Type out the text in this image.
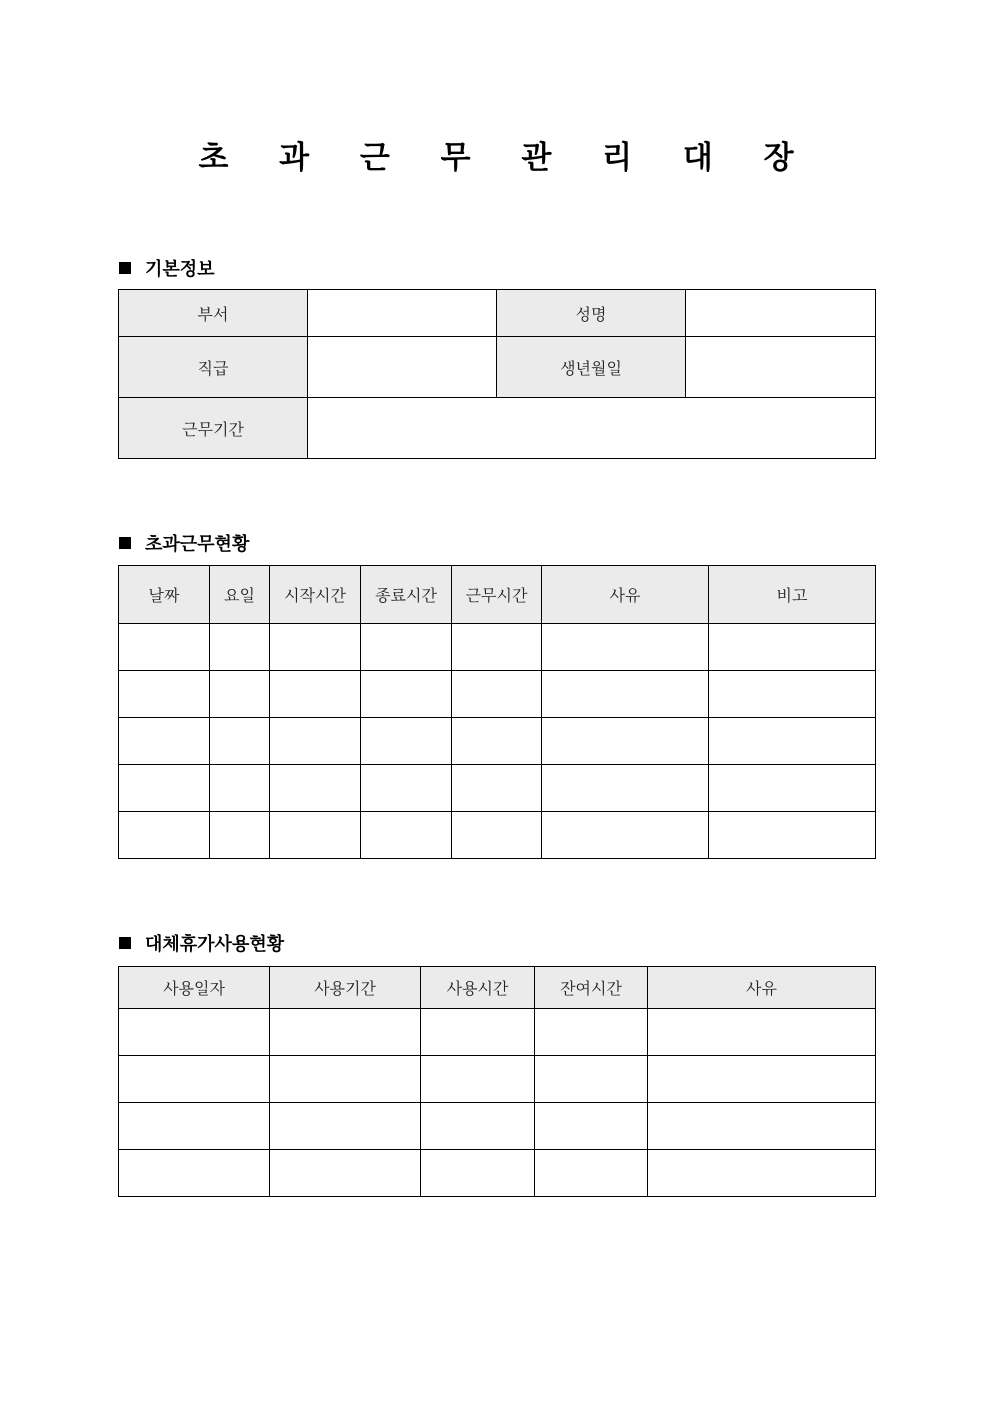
초 과 근 무 관 리 대 장
기본정보
부서		성명	
직급		생년월일	
근무기간			
초과근무현황
날짜	요일	시작시간	종료시간	근무시간	사유	비고

대체휴가사용현황
사용일자	사용기간	사용시간	잔여시간	사유
